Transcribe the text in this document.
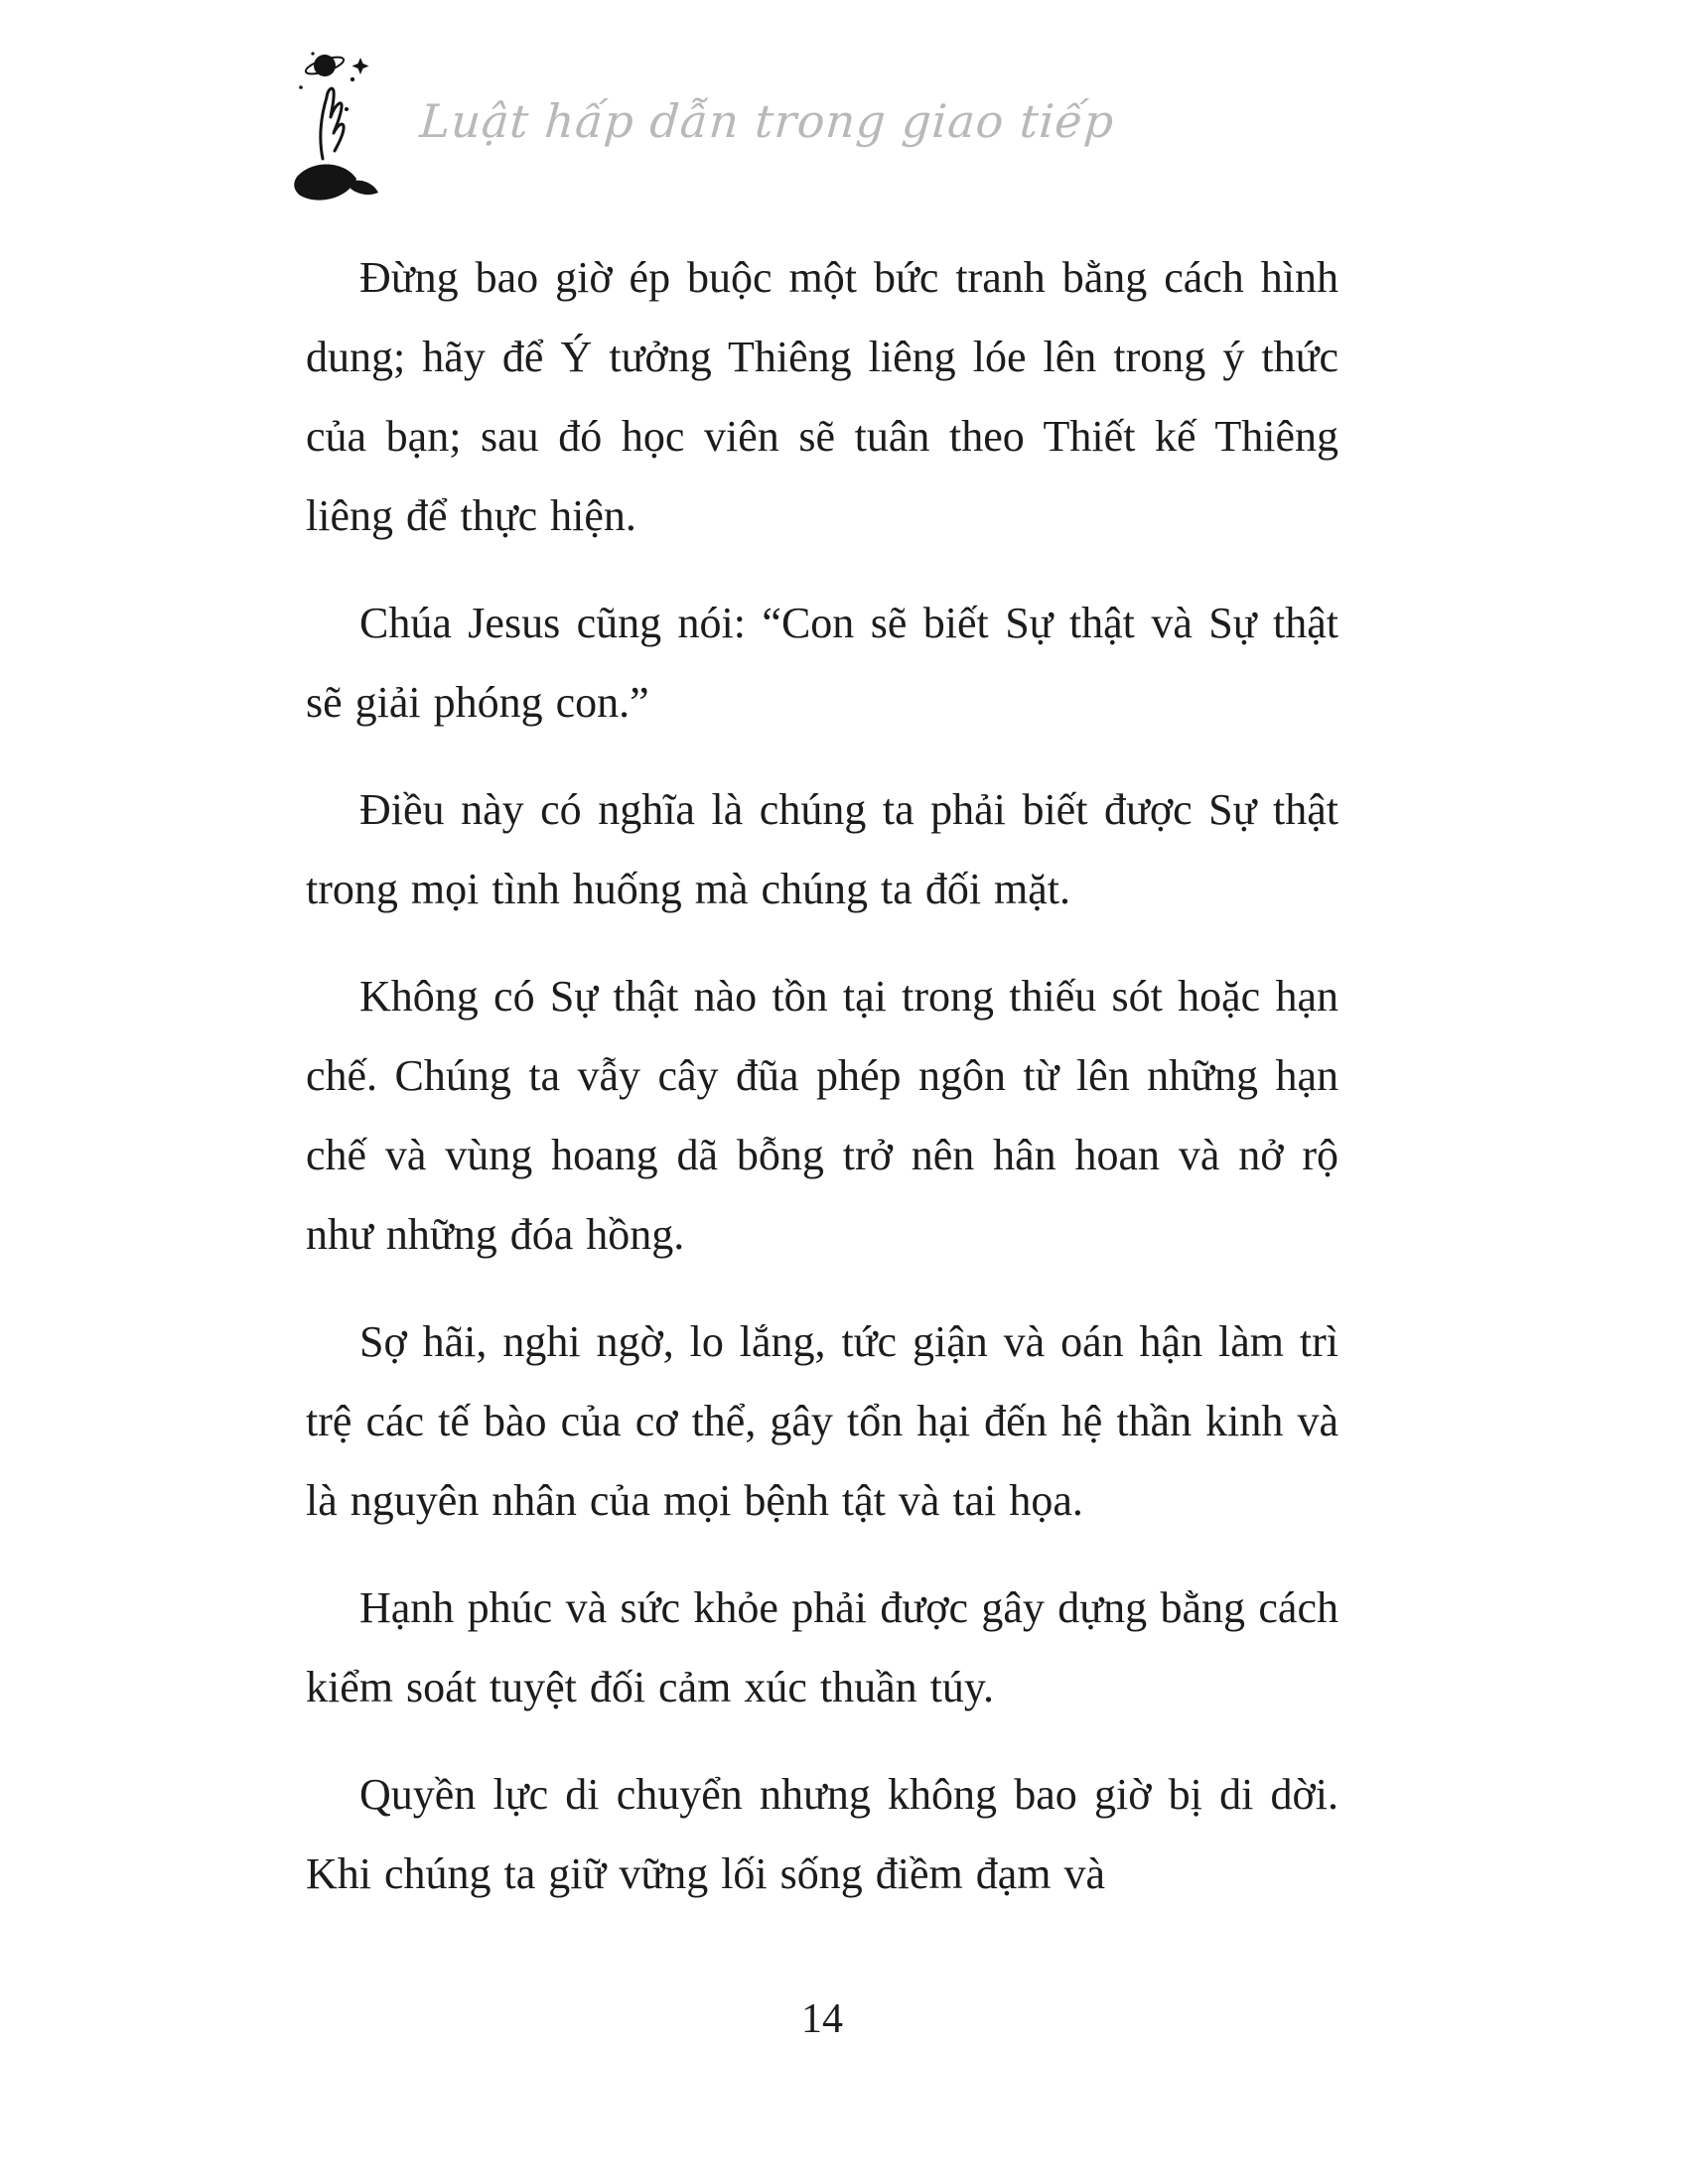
Luật hấp dẫn trong giao tiếp

Đừng bao giờ ép buộc một bức tranh bằng cách hình dung; hãy để Ý tưởng Thiêng liêng lóe lên trong ý thức của bạn; sau đó học viên sẽ tuân theo Thiết kế Thiêng liêng để thực hiện.

Chúa Jesus cũng nói: “Con sẽ biết Sự thật và Sự thật sẽ giải phóng con.”

Điều này có nghĩa là chúng ta phải biết được Sự thật trong mọi tình huống mà chúng ta đối mặt.

Không có Sự thật nào tồn tại trong thiếu sót hoặc hạn chế. Chúng ta vẫy cây đũa phép ngôn từ lên những hạn chế và vùng hoang dã bỗng trở nên hân hoan và nở rộ như những đóa hồng.

Sợ hãi, nghi ngờ, lo lắng, tức giận và oán hận làm trì trệ các tế bào của cơ thể, gây tổn hại đến hệ thần kinh và là nguyên nhân của mọi bệnh tật và tai họa.

Hạnh phúc và sức khỏe phải được gây dựng bằng cách kiểm soát tuyệt đối cảm xúc thuần túy.

Quyền lực di chuyển nhưng không bao giờ bị di dời. Khi chúng ta giữ vững lối sống điềm đạm và

14
